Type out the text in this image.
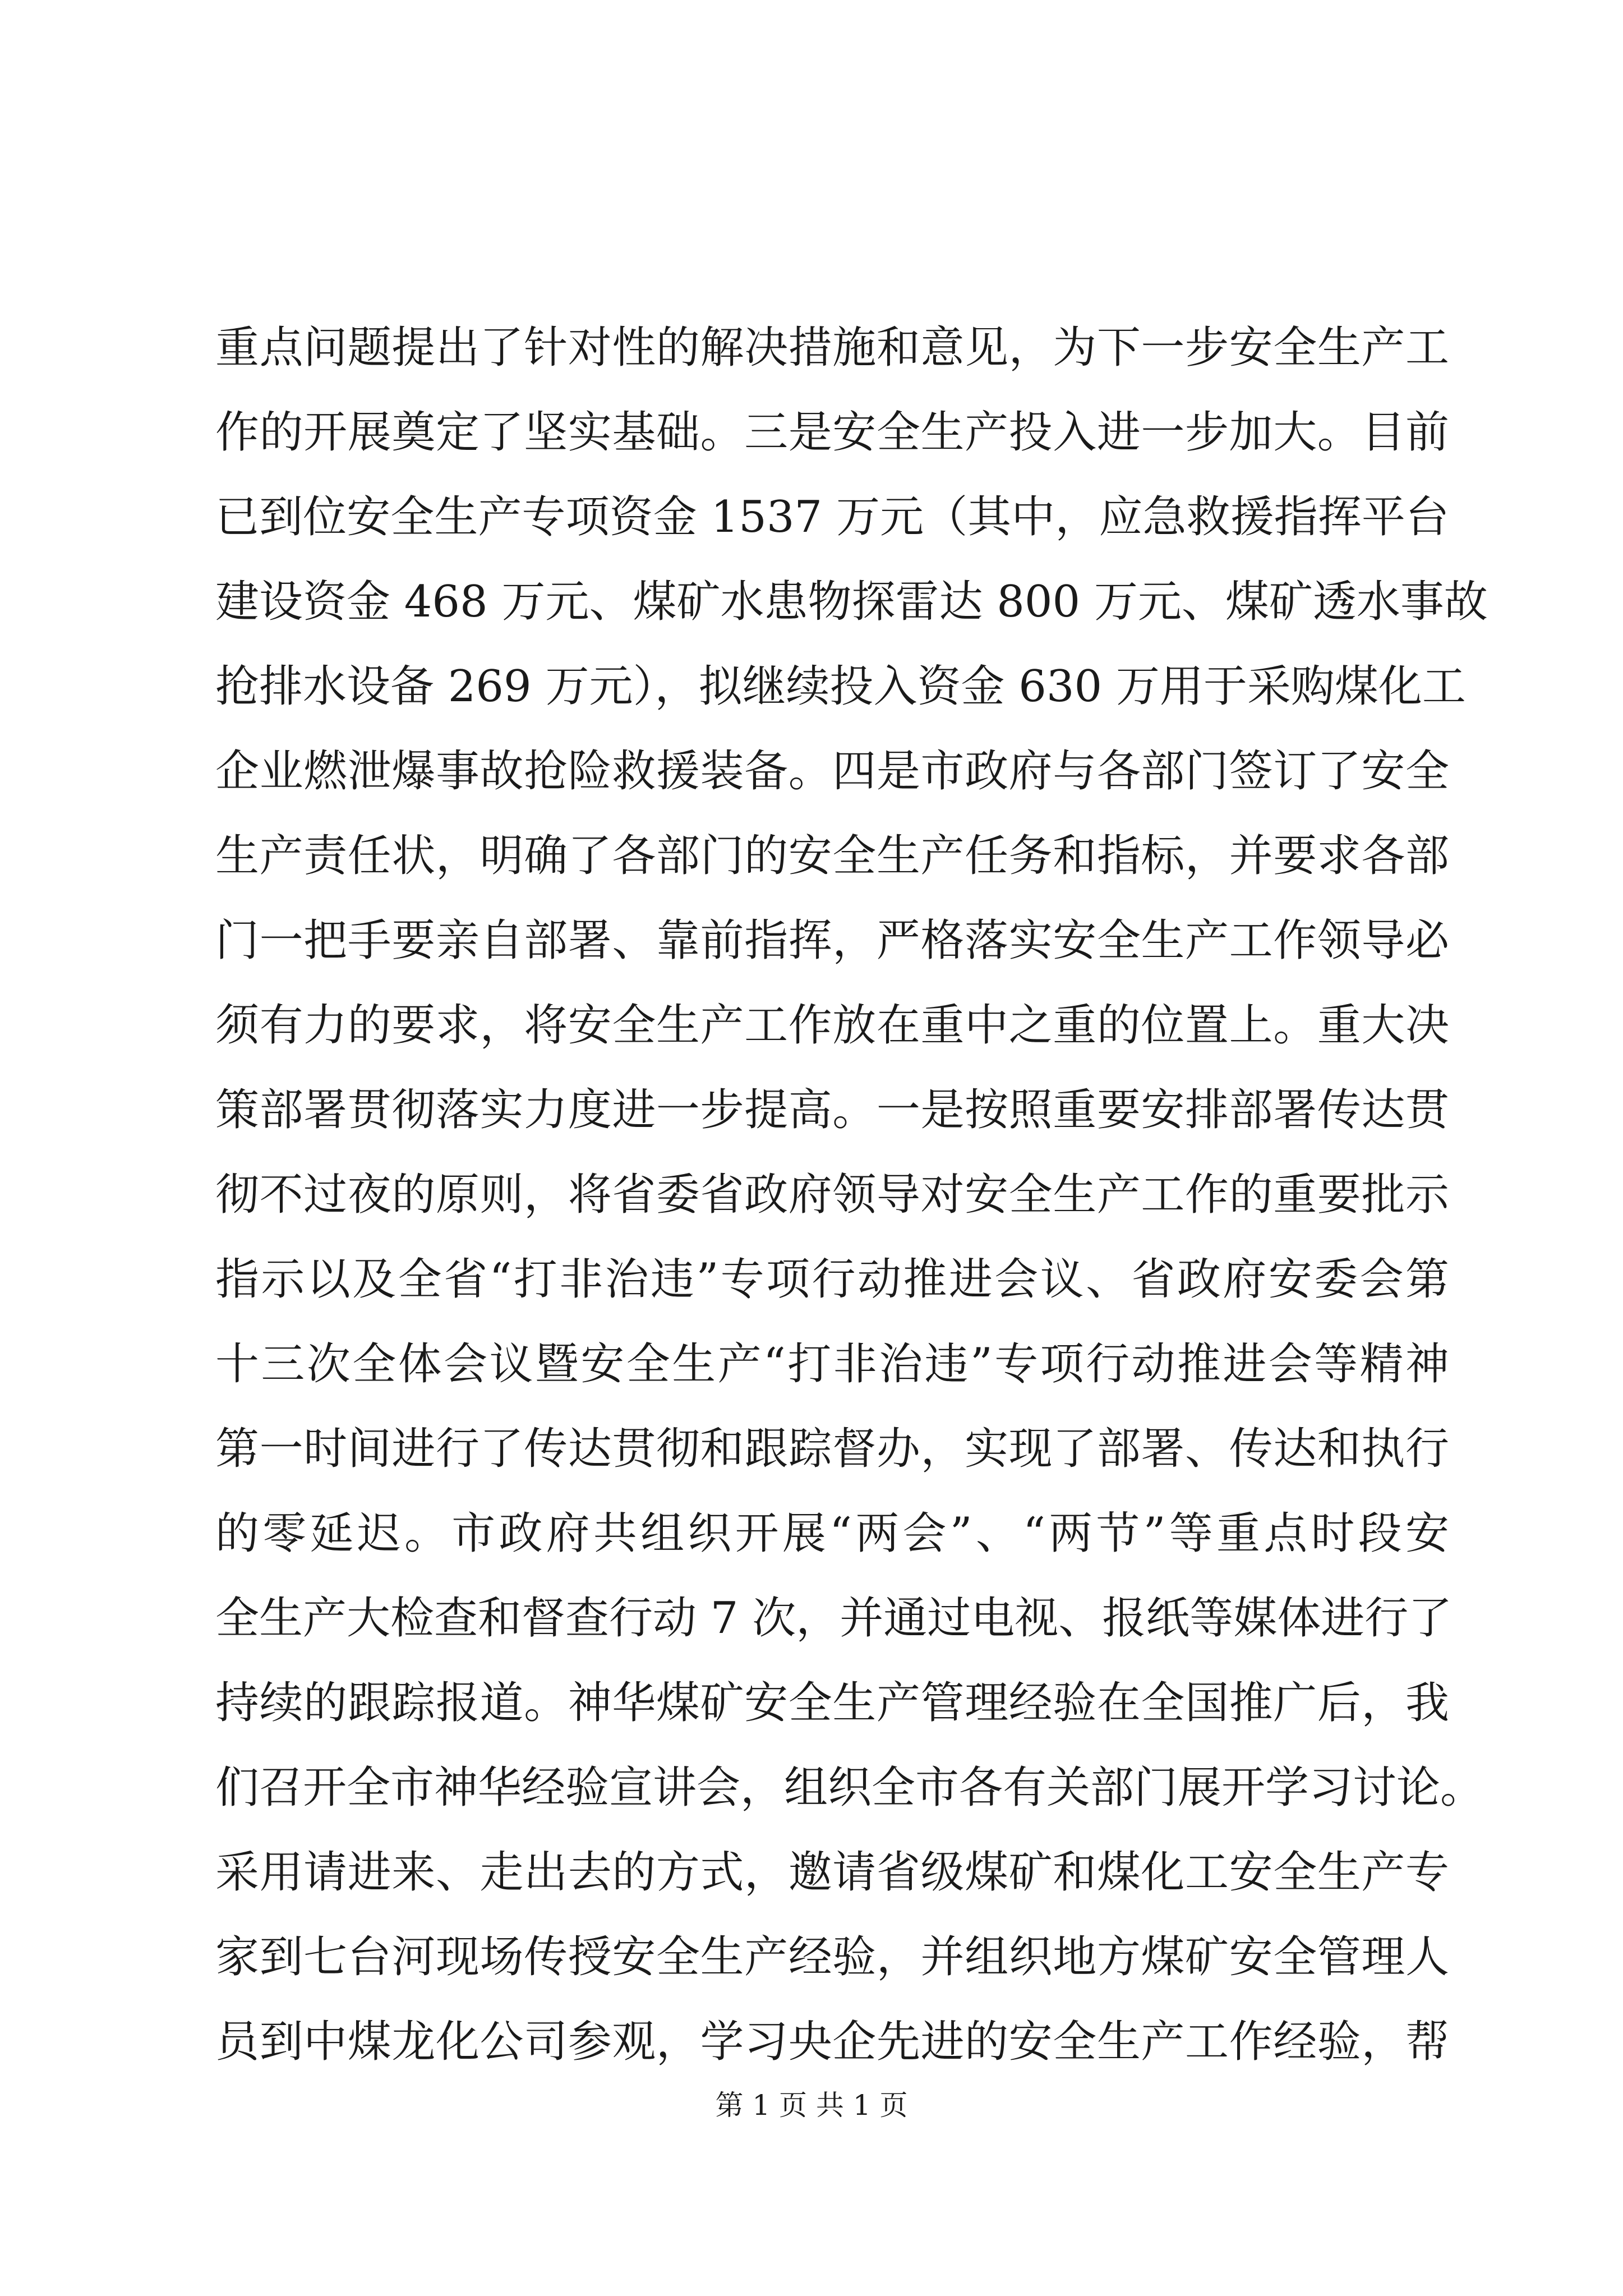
重点问题提出了针对性的解决措施和意见，为下一步安全生产工
作的开展奠定了坚实基础。三是安全生产投入进一步加大。目前
已到位安全生产专项资金 1537 万元（其中，应急救援指挥平台
建设资金 468 万元、煤矿水患物探雷达 800 万元、煤矿透水事故
抢排水设备 269 万元），拟继续投入资金 630 万用于采购煤化工
企业燃泄爆事故抢险救援装备。四是市政府与各部门签订了安全
生产责任状，明确了各部门的安全生产任务和指标，并要求各部
门一把手要亲自部署、靠前指挥，严格落实安全生产工作领导必
须有力的要求，将安全生产工作放在重中之重的位置上。重大决
策部署贯彻落实力度进一步提高。一是按照重要安排部署传达贯
彻不过夜的原则，将省委省政府领导对安全生产工作的重要批示
指示以及全省“打非治违”专项行动推进会议、省政府安委会第
十三次全体会议暨安全生产“打非治违”专项行动推进会等精神
第一时间进行了传达贯彻和跟踪督办，实现了部署、传达和执行
的零延迟。市政府共组织开展“两会”、“两节”等重点时段安
全生产大检查和督查行动 7 次，并通过电视、报纸等媒体进行了
持续的跟踪报道。神华煤矿安全生产管理经验在全国推广后，我
们召开全市神华经验宣讲会，组织全市各有关部门展开学习讨论。
采用请进来、走出去的方式，邀请省级煤矿和煤化工安全生产专
家到七台河现场传授安全生产经验，并组织地方煤矿安全管理人
员到中煤龙化公司参观，学习央企先进的安全生产工作经验，帮
第 1 页 共 1 页
